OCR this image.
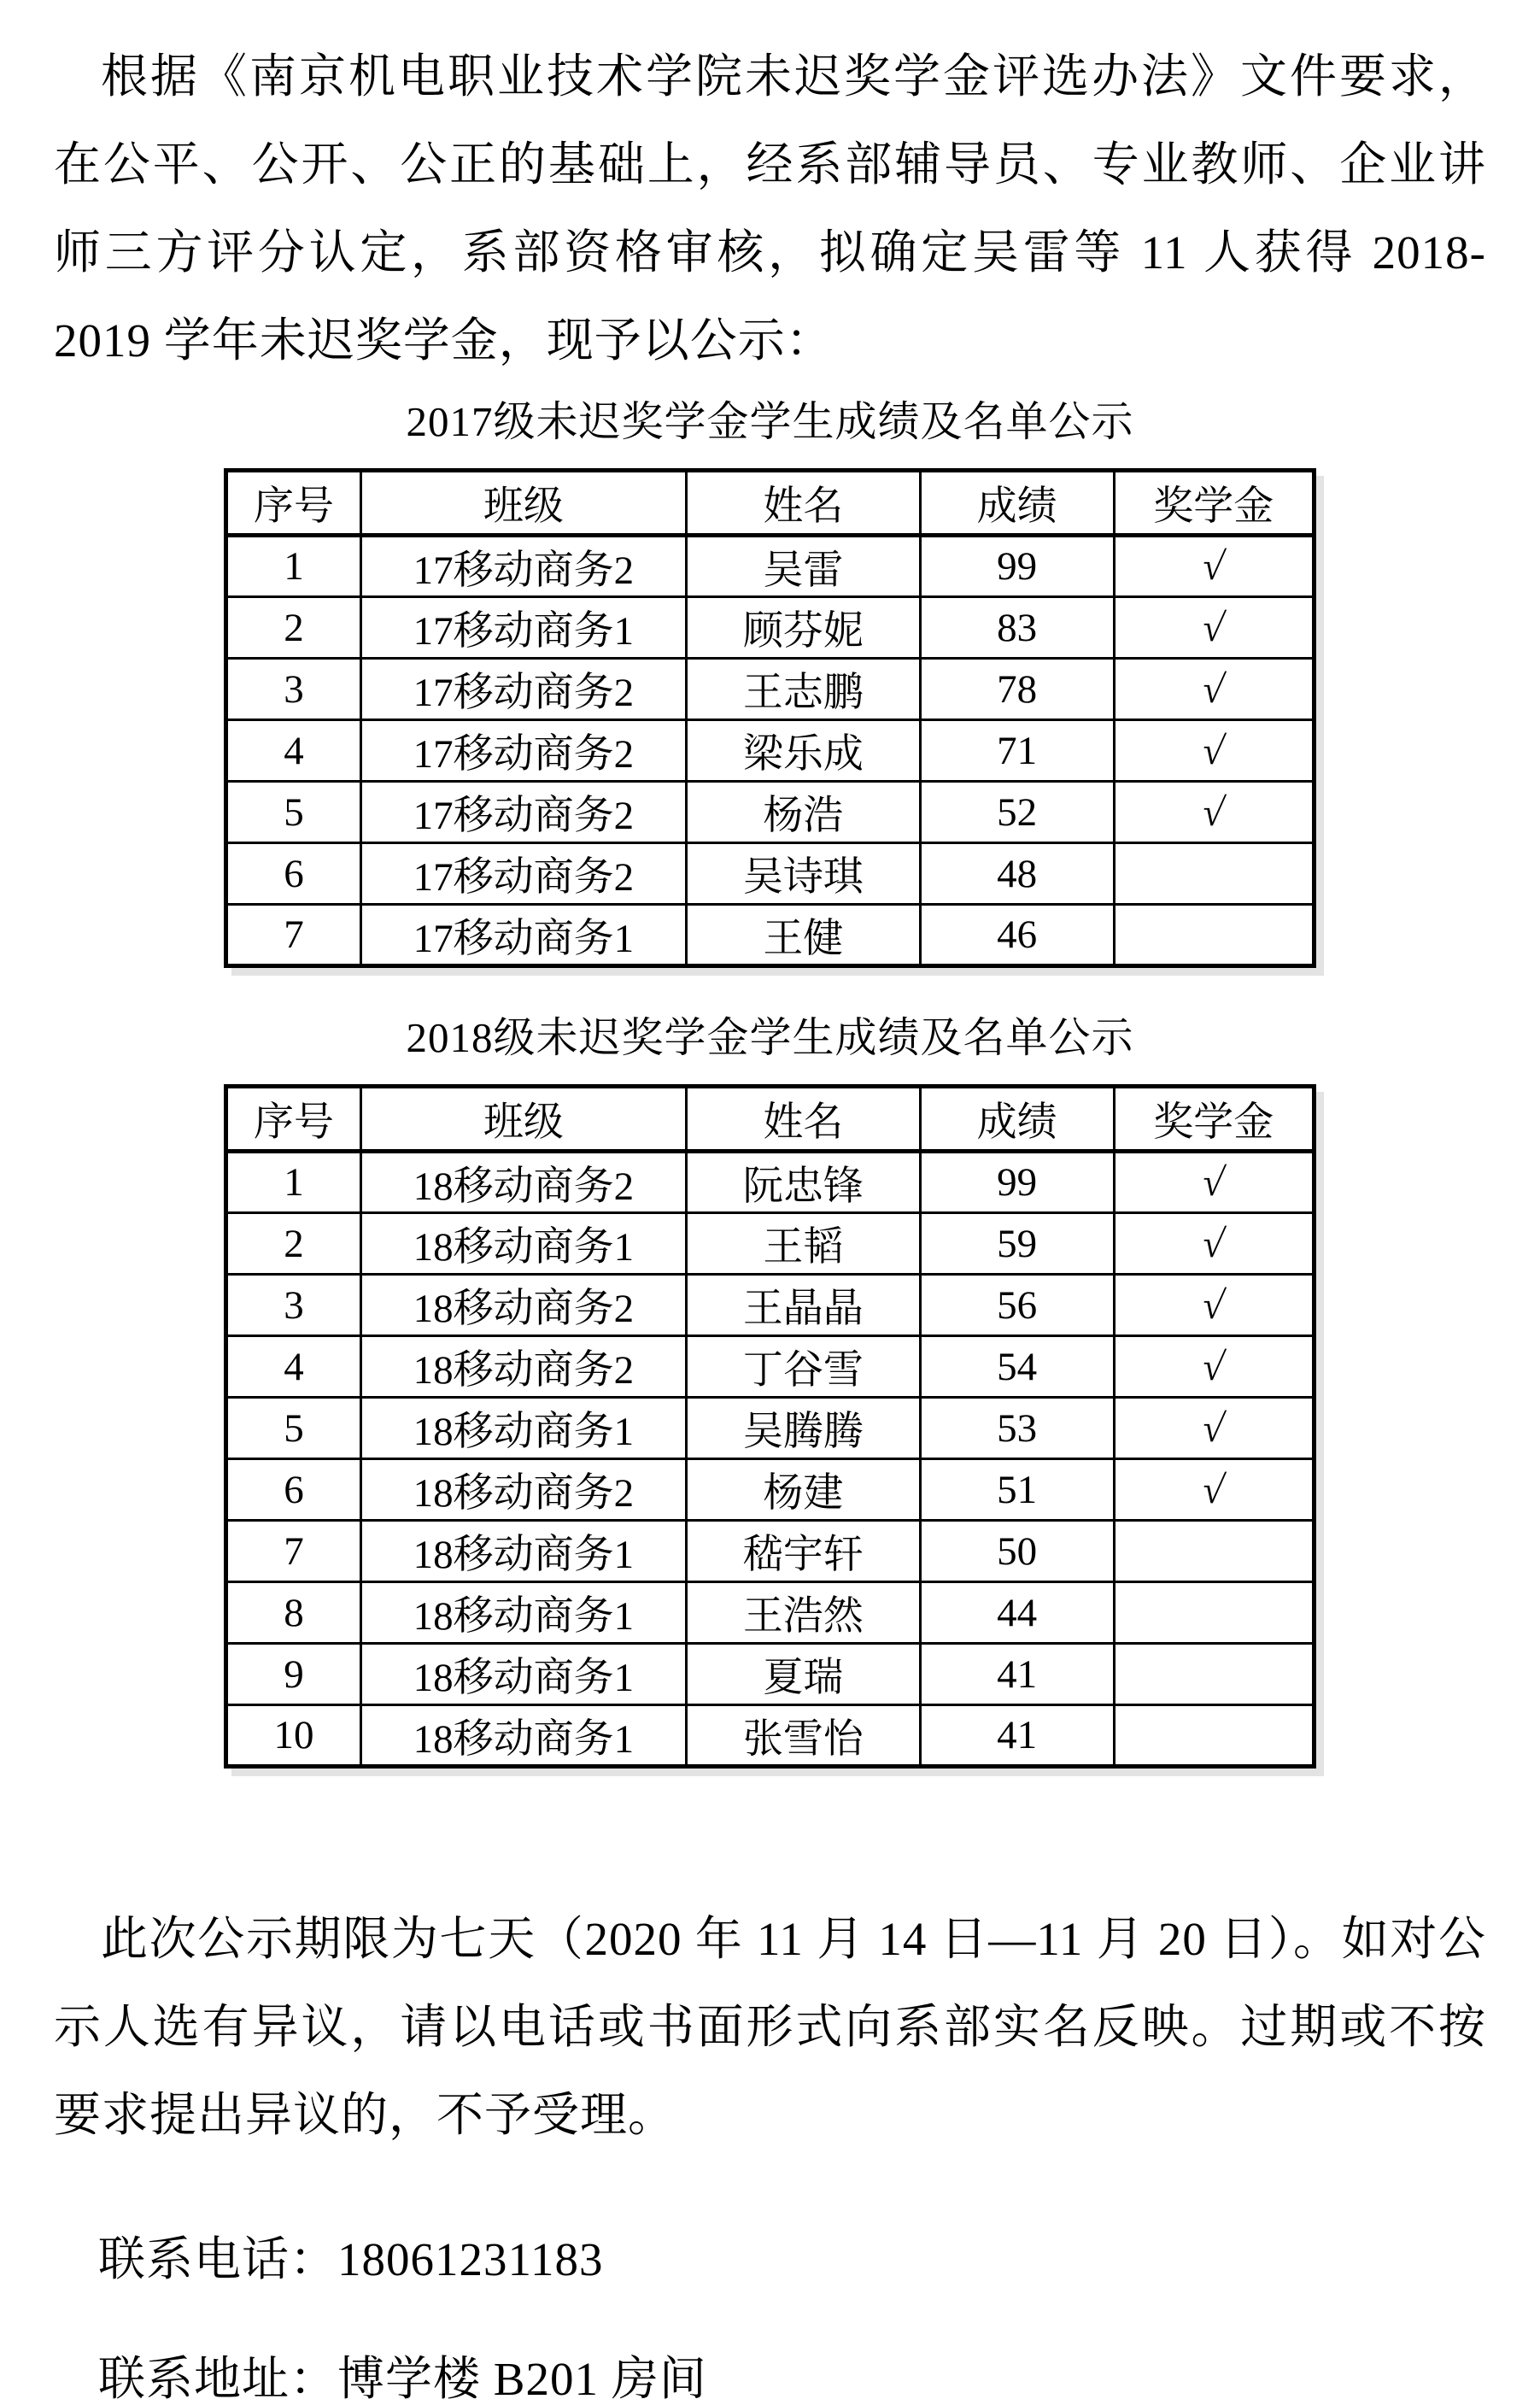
根据《南京机电职业技术学院未迟奖学金评选办法》文件要求，在公平、公开、公正的基础上，经系部辅导员、专业教师、企业讲师三方评分认定，系部资格审核，拟确定吴雷等 11 人获得 2018-2019 学年未迟奖学金，现予以公示：

2017级未迟奖学金学生成绩及名单公示
序号	班级	姓名	成绩	奖学金
1	17移动商务2	吴雷	99	√
2	17移动商务1	顾芬妮	83	√
3	17移动商务2	王志鹏	78	√
4	17移动商务2	梁乐成	71	√
5	17移动商务2	杨浩	52	√
6	17移动商务2	吴诗琪	48	
7	17移动商务1	王健	46	
2018级未迟奖学金学生成绩及名单公示
序号	班级	姓名	成绩	奖学金
1	18移动商务2	阮忠锋	99	√
2	18移动商务1	王韬	59	√
3	18移动商务2	王晶晶	56	√
4	18移动商务2	丁谷雪	54	√
5	18移动商务1	吴腾腾	53	√
6	18移动商务2	杨建	51	√
7	18移动商务1	嵇宇轩	50	
8	18移动商务1	王浩然	44	
9	18移动商务1	夏瑞	41	
10	18移动商务1	张雪怡	41	

此次公示期限为七天（2020 年 11 月 14 日—11 月 20 日）。如对公示人选有异议，请以电话或书面形式向系部实名反映。过期或不按要求提出异议的，不予受理。

联系电话：18061231183

联系地址：博学楼 B201 房间
